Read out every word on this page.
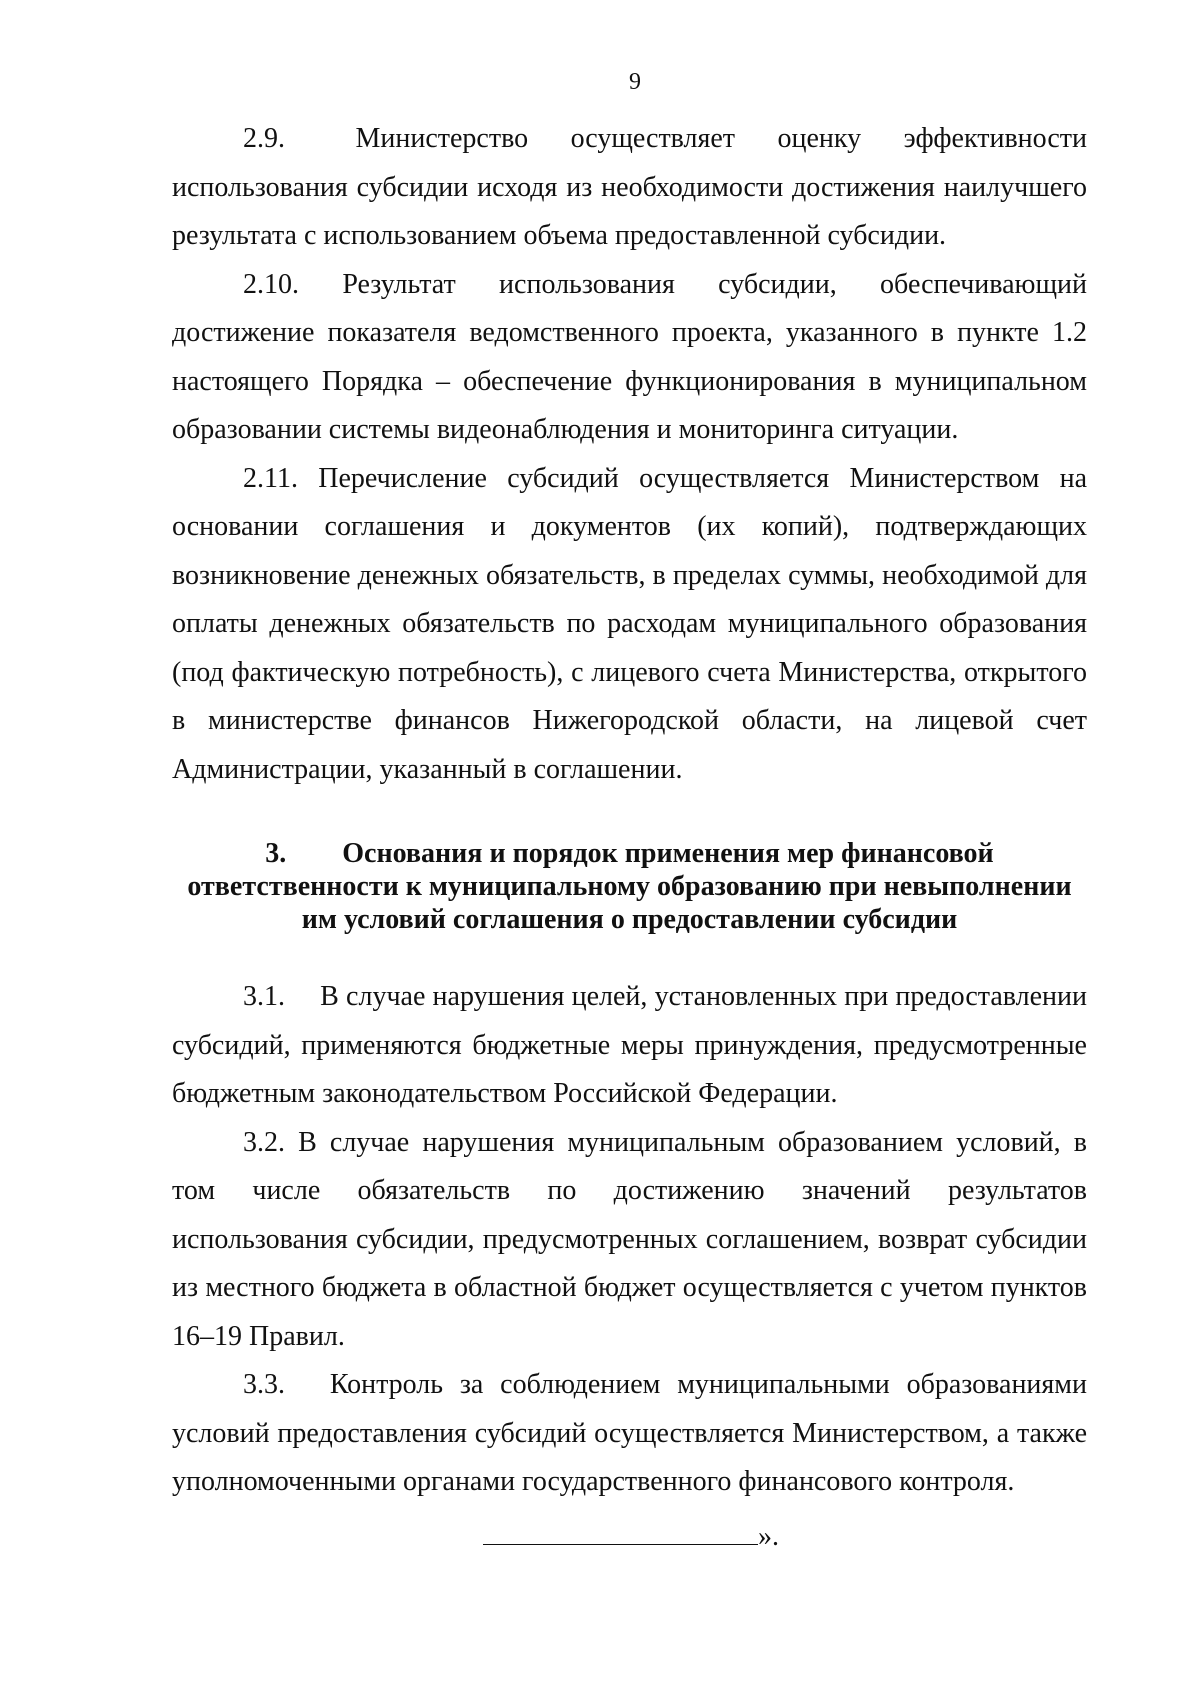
9

2.9.  Министерство осуществляет оценку эффективности использования субсидии исходя из необходимости достижения наилучшего результата с использованием объема предоставленной субсидии.

2.10. Результат использования субсидии, обеспечивающий достижение показателя ведомственного проекта, указанного в пункте 1.2 настоящего Порядка – обеспечение функционирования в муниципальном образовании системы видеонаблюдения и мониторинга ситуации.

2.11. Перечисление субсидий осуществляется Министерством на основании соглашения и документов (их копий), подтверждающих возникновение денежных обязательств, в пределах суммы, необходимой для оплаты денежных обязательств по расходам муниципального образования (под фактическую потребность), с лицевого счета Министерства, открытого в министерстве финансов Нижегородской области, на лицевой счет Администрации, указанный в соглашении.

3. Основания и порядок применения мер финансовой ответственности к муниципальному образованию при невыполнении им условий соглашения о предоставлении субсидии

3.1.  В случае нарушения целей, установленных при предоставлении субсидий, применяются бюджетные меры принуждения, предусмотренные бюджетным законодательством Российской Федерации.

3.2. В случае нарушения муниципальным образованием условий, в том числе обязательств по достижению значений результатов использования субсидии, предусмотренных соглашением, возврат субсидии из местного бюджета в областной бюджет осуществляется с учетом пунктов 16–19 Правил.

3.3.  Контроль за соблюдением муниципальными образованиями условий предоставления субсидий осуществляется Министерством, а также уполномоченными органами государственного финансового контроля.

».
